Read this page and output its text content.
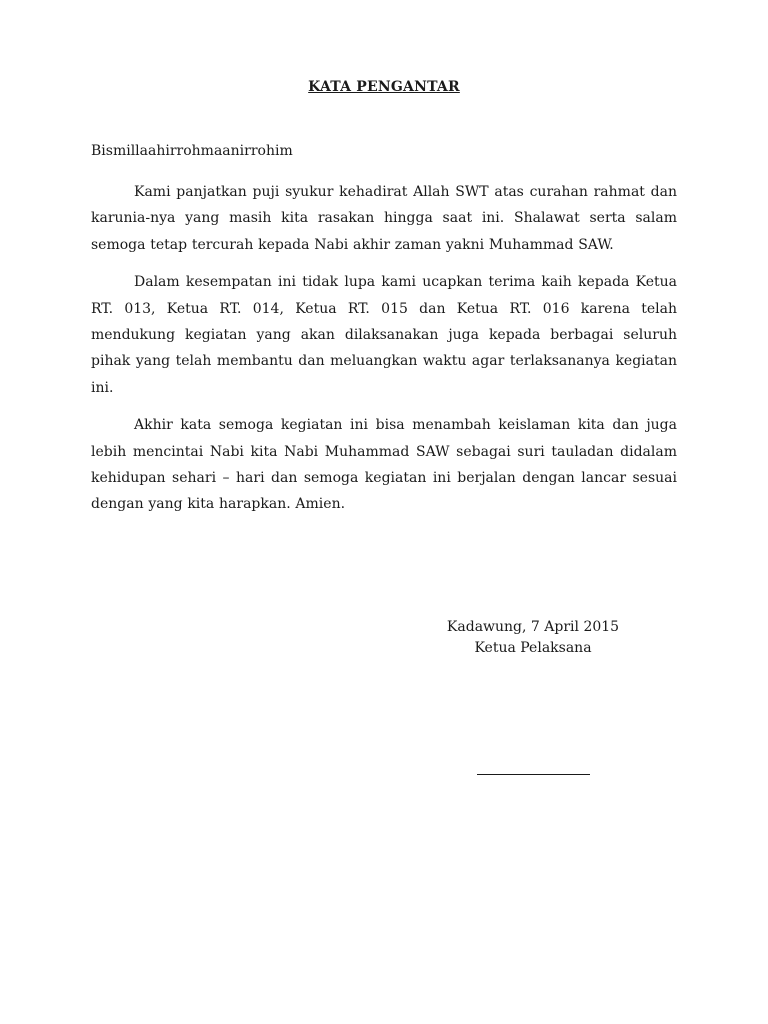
KATA PENGANTAR
Bismillaahirrohmaanirrohim

Kami panjatkan puji syukur kehadirat Allah SWT atas curahan rahmat dan karunia-nya yang masih kita rasakan hingga saat ini. Shalawat serta salam semoga tetap tercurah kepada Nabi akhir zaman yakni Muhammad SAW.

Dalam kesempatan ini tidak lupa kami ucapkan terima kaih kepada Ketua RT. 013, Ketua RT. 014, Ketua RT. 015 dan Ketua RT. 016 karena telah mendukung kegiatan yang akan dilaksanakan juga kepada berbagai seluruh pihak yang telah membantu dan meluangkan waktu agar terlaksananya kegiatan ini.

Akhir kata semoga kegiatan ini bisa menambah keislaman kita dan juga lebih mencintai Nabi kita Nabi Muhammad SAW sebagai suri tauladan didalam kehidupan sehari – hari dan semoga kegiatan ini berjalan dengan lancar sesuai dengan yang kita harapkan. Amien.

Kadawung, 7 April 2015
Ketua Pelaksana
